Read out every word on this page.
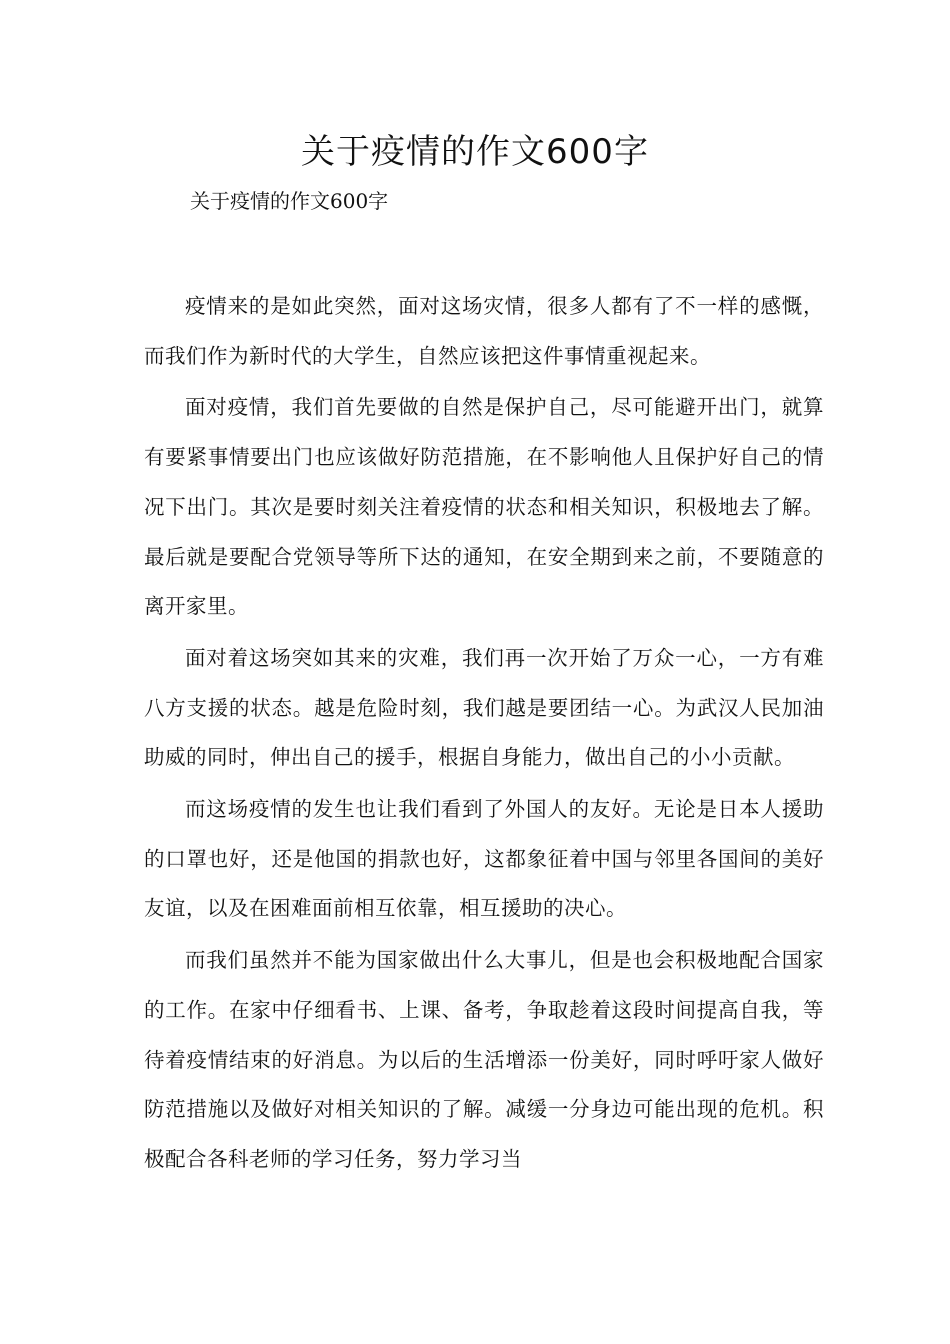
关于疫情的作文600字

关于疫情的作文600字

疫情来的是如此突然，面对这场灾情，很多人都有了不一样的感慨，而我们作为新时代的大学生，自然应该把这件事情重视起来。

面对疫情，我们首先要做的自然是保护自己，尽可能避开出门，就算有要紧事情要出门也应该做好防范措施，在不影响他人且保护好自己的情况下出门。其次是要时刻关注着疫情的状态和相关知识，积极地去了解。最后就是要配合党领导等所下达的通知，在安全期到来之前，不要随意的离开家里。

面对着这场突如其来的灾难，我们再一次开始了万众一心，一方有难八方支援的状态。越是危险时刻，我们越是要团结一心。为武汉人民加油助威的同时，伸出自己的援手，根据自身能力，做出自己的小小贡献。

而这场疫情的发生也让我们看到了外国人的友好。无论是日本人援助的口罩也好，还是他国的捐款也好，这都象征着中国与邻里各国间的美好友谊，以及在困难面前相互依靠，相互援助的决心。

而我们虽然并不能为国家做出什么大事儿，但是也会积极地配合国家的工作。在家中仔细看书、上课、备考，争取趁着这段时间提高自我，等待着疫情结束的好消息。为以后的生活增添一份美好，同时呼吁家人做好防范措施以及做好对相关知识的了解。减缓一分身边可能出现的危机。积极配合各科老师的学习任务，努力学习当
